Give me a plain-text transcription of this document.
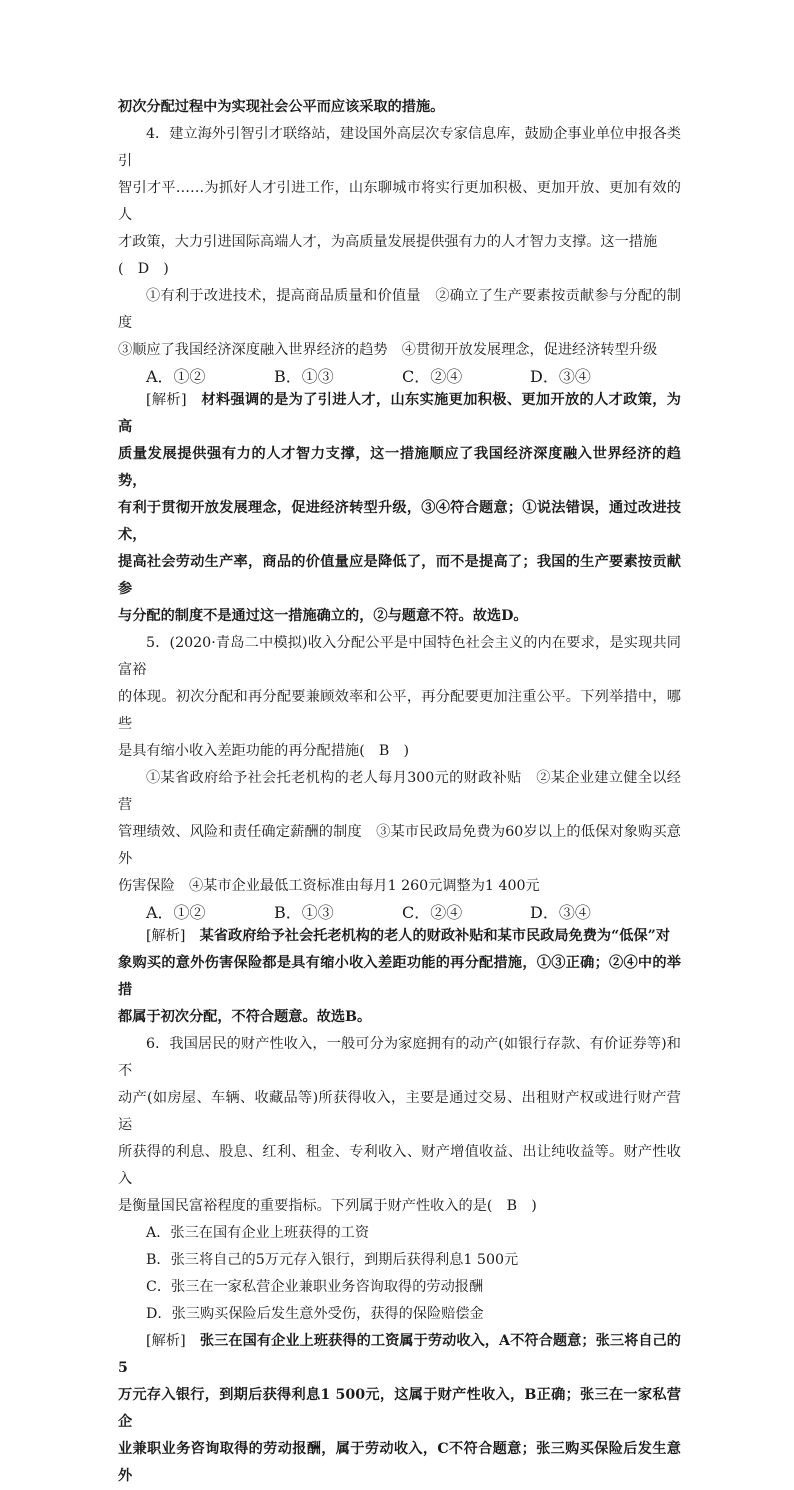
初次分配过程中为实现社会公平而应该采取的措施。

4．建立海外引智引才联络站，建设国外高层次专家信息库，鼓励企事业单位申报各类引

智引才平……为抓好人才引进工作，山东聊城市将实行更加积极、更加开放、更加有效的人

才政策，大力引进国际高端人才，为高质量发展提供强有力的人才智力支撑。这一措施

(　D　)

①有利于改进技术，提高商品质量和价值量　②确立了生产要素按贡献参与分配的制度

③顺应了我国经济深度融入世界经济的趋势　④贯彻开放发展理念，促进经济转型升级

A．①②	B．①③	C．②④	D．③④

[解析]　材料强调的是为了引进人才，山东实施更加积极、更加开放的人才政策，为高

质量发展提供强有力的人才智力支撑，这一措施顺应了我国经济深度融入世界经济的趋势，

有利于贯彻开放发展理念，促进经济转型升级，③④符合题意；①说法错误，通过改进技术，

提高社会劳动生产率，商品的价值量应是降低了，而不是提高了；我国的生产要素按贡献参

与分配的制度不是通过这一措施确立的，②与题意不符。故选D。

5．(2020·青岛二中模拟)收入分配公平是中国特色社会主义的内在要求，是实现共同富裕

的体现。初次分配和再分配要兼顾效率和公平，再分配要更加注重公平。下列举措中，哪些

是具有缩小收入差距功能的再分配措施(　B　)

①某省政府给予社会托老机构的老人每月300元的财政补贴　②某企业建立健全以经营

管理绩效、风险和责任确定薪酬的制度　③某市民政局免费为60岁以上的低保对象购买意外

伤害保险　④某市企业最低工资标准由每月1 260元调整为1 400元

A．①②	B．①③	C．②④	D．③④

[解析]　某省政府给予社会托老机构的老人的财政补贴和某市民政局免费为“低保”对

象购买的意外伤害保险都是具有缩小收入差距功能的再分配措施，①③正确；②④中的举措

都属于初次分配，不符合题意。故选B。

6．我国居民的财产性收入，一般可分为家庭拥有的动产(如银行存款、有价证券等)和不

动产(如房屋、车辆、收藏品等)所获得收入，主要是通过交易、出租财产权或进行财产营运

所获得的利息、股息、红利、租金、专利收入、财产增值收益、出让纯收益等。财产性收入

是衡量国民富裕程度的重要指标。下列属于财产性收入的是(　B　)

A．张三在国有企业上班获得的工资

B．张三将自己的5万元存入银行，到期后获得利息1 500元

C．张三在一家私营企业兼职业务咨询取得的劳动报酬

D．张三购买保险后发生意外受伤，获得的保险赔偿金

[解析]　张三在国有企业上班获得的工资属于劳动收入，A不符合题意；张三将自己的5

万元存入银行，到期后获得利息1 500元，这属于财产性收入，B正确；张三在一家私营企

业兼职业务咨询取得的劳动报酬，属于劳动收入，C不符合题意；张三购买保险后发生意外
